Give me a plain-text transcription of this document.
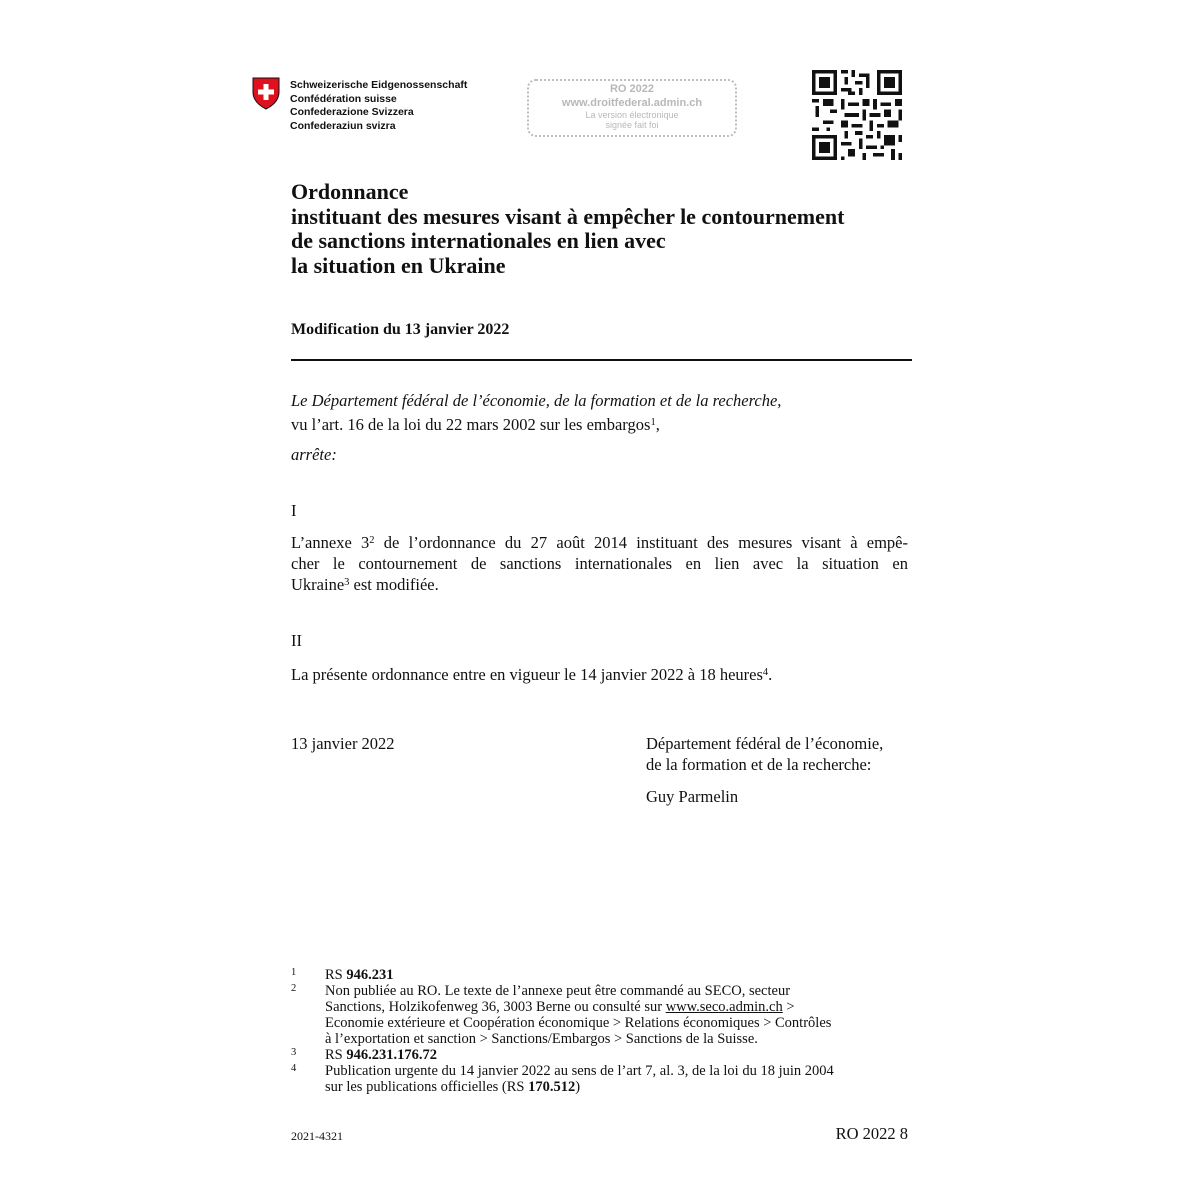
Schweizerische Eidgenossenschaft
Confédération suisse
Confederazione Svizzera
Confederaziun svizra
RO 2022
www.droitfederal.admin.ch
La version électronique
signée fait foi
Ordonnance
instituant des mesures visant à empêcher le contournement
de sanctions internationales en lien avec
la situation en Ukraine
Modification du 13 janvier 2022
Le Département fédéral de l’économie, de la formation et de la recherche,
vu l’art. 16 de la loi du 22 mars 2002 sur les embargos$^1$,
arrête:
I
L’annexe $3^2$ de l’ordonnance du 27 août 2014 instituant des mesures visant à empê-
cher le contournement de sanctions internationales en lien avec la situation en
Ukraine$^3$ est modifiée.
II
La présente ordonnance entre en vigueur le 14 janvier 2022 à 18 heures$^4$.
13 janvier 2022	Département fédéral de l’économie,
de la formation et de la recherche:
Guy Parmelin
1 RS 946.231
2 Non publiée au RO. Le texte de l’annexe peut être commandé au SECO, secteur
Sanctions, Holzikofenweg 36, 3003 Berne ou consulté sur www.seco.admin.ch >
Economie extérieure et Coopération économique > Relations économiques > Contrôles
à l’exportation et sanction > Sanctions/Embargos > Sanctions de la Suisse.
3 RS 946.231.176.72
4 Publication urgente du 14 janvier 2022 au sens de l’art 7, al. 3, de la loi du 18 juin 2004
sur les publications officielles (RS 170.512)
2021-4321	RO 2022 8
